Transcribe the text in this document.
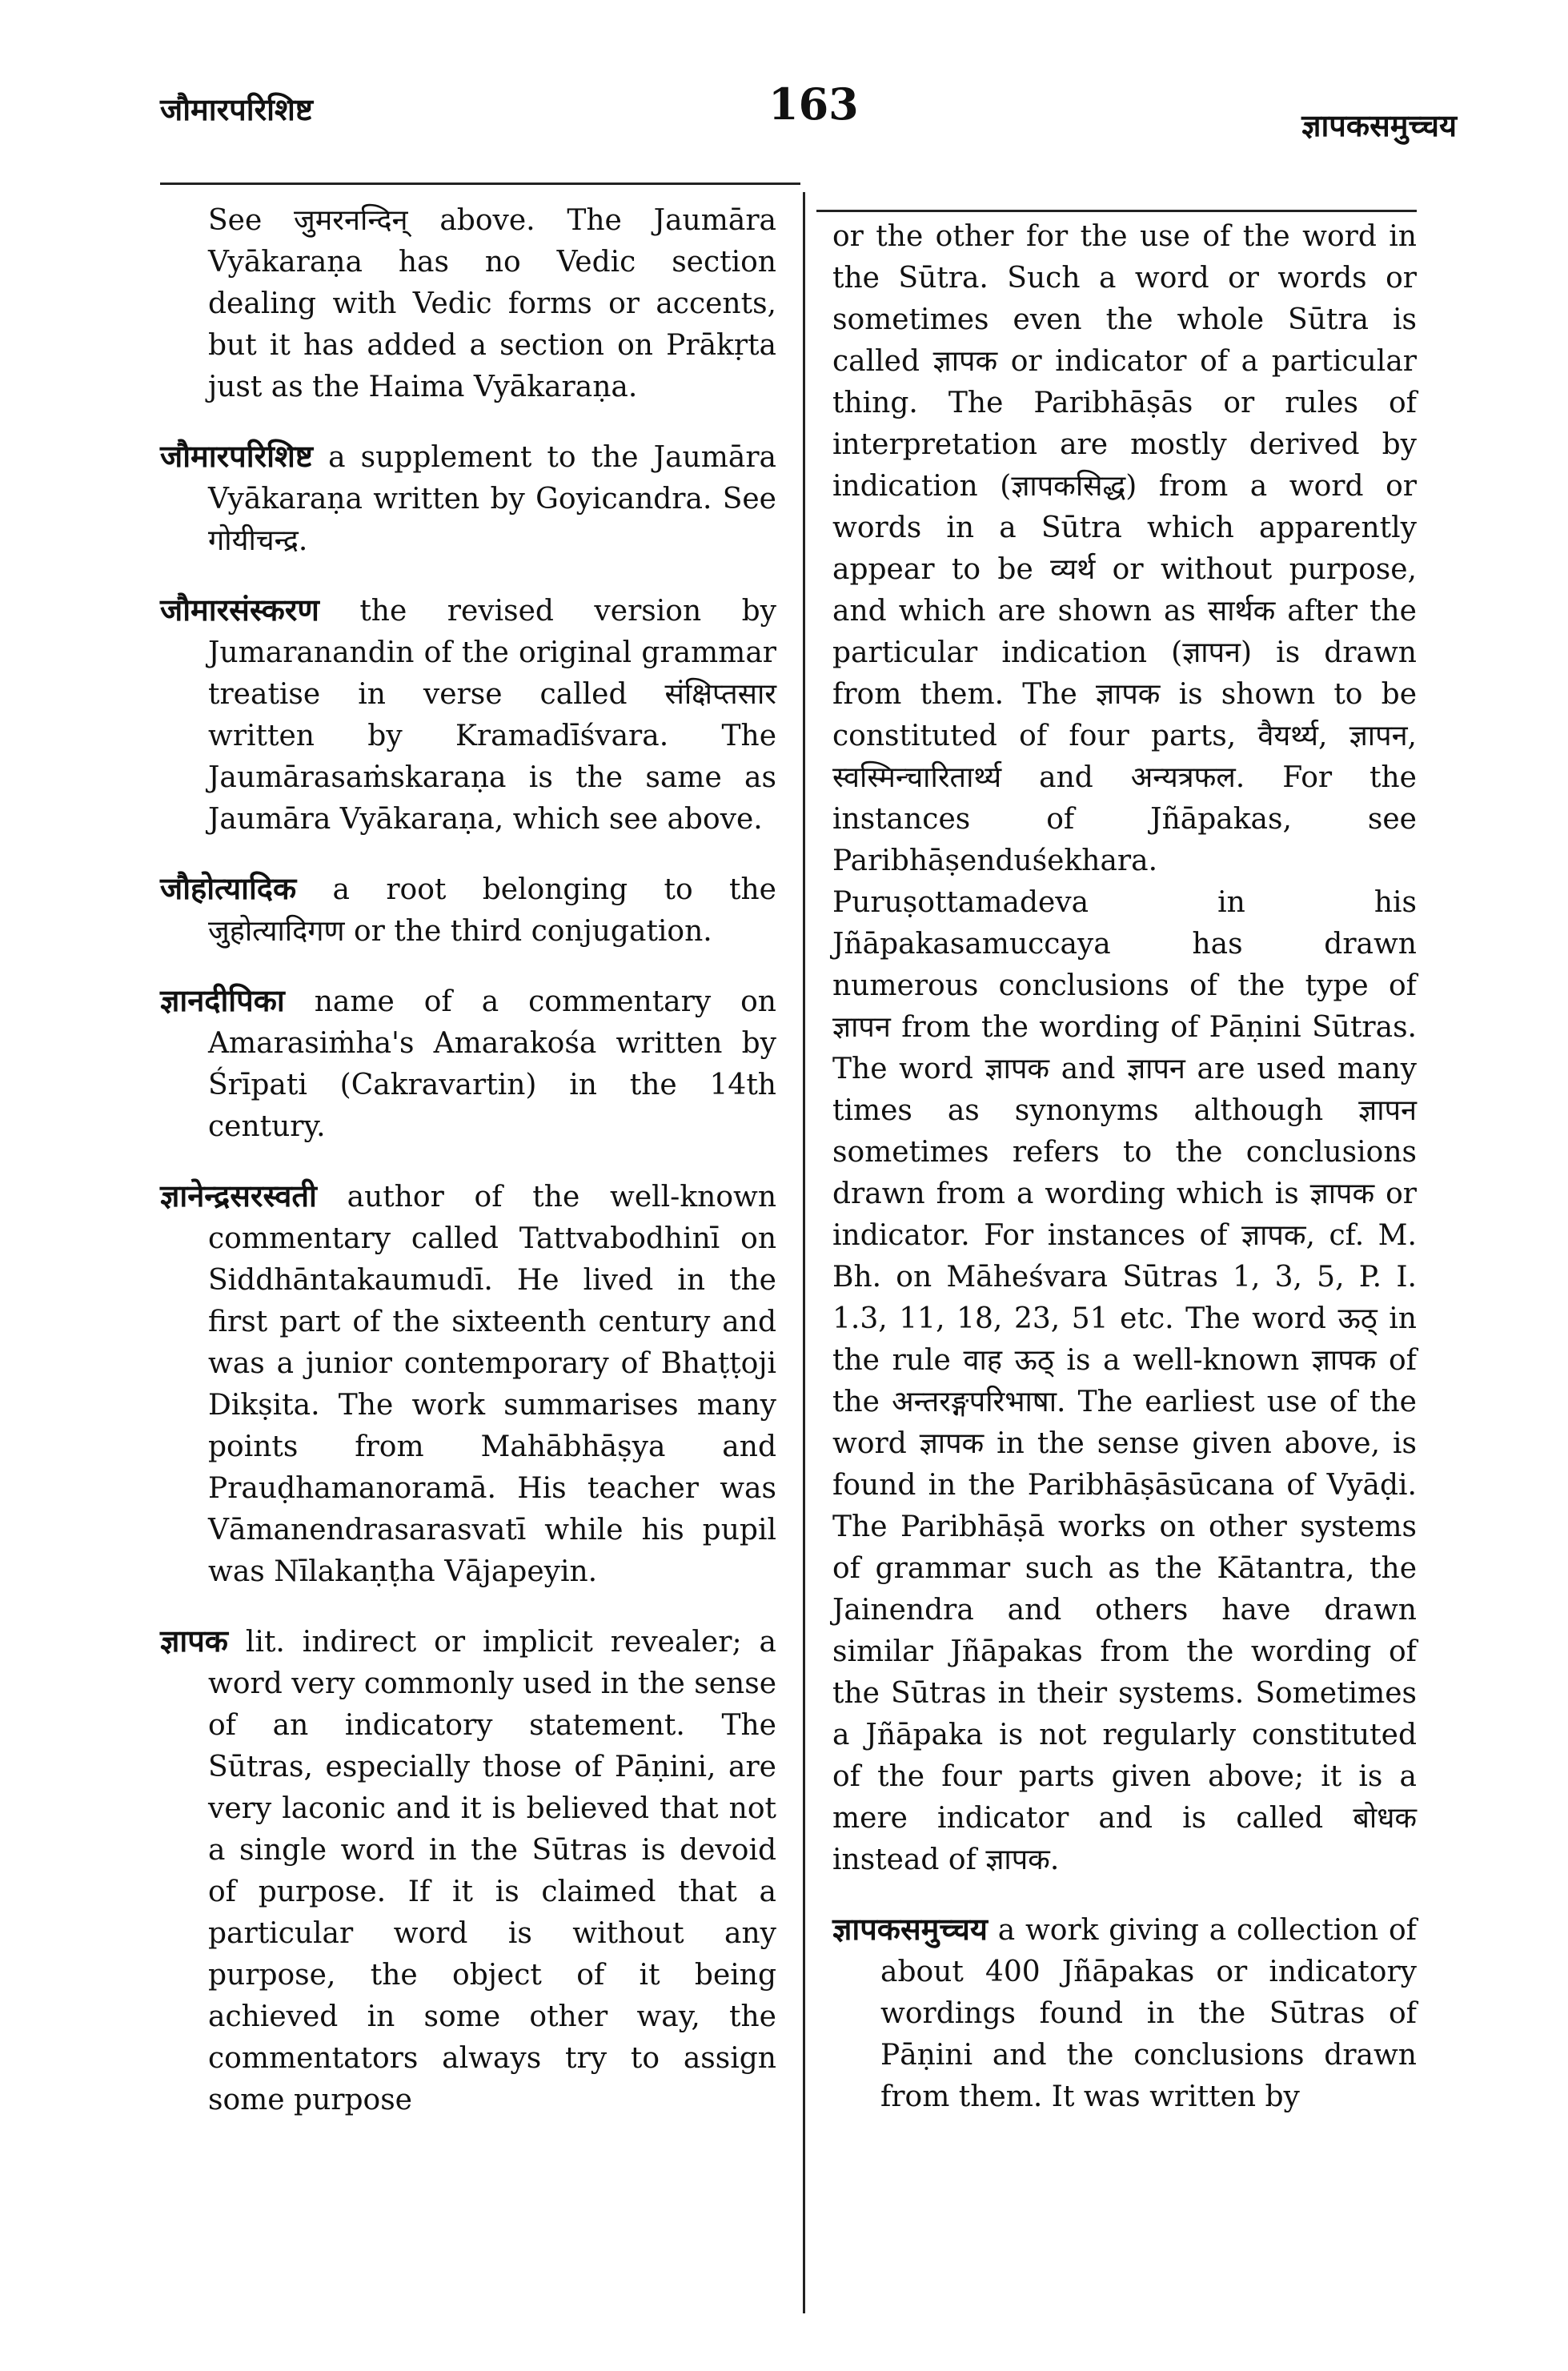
जौमारपरिशिष्ट	163	ज्ञापकसमुच्चय

See जुमरनन्दिन् above. The Jaumāra Vyākaraṇa has no Vedic section dealing with Vedic forms or accents, but it has added a section on Prākṛta just as the Haima Vyākaraṇa.

जौमारपरिशिष्ट a supplement to the Jaumāra Vyākaraṇa written by Goyicandra. See गोयीचन्द्र.

जौमारसंस्करण the revised version by Jumaranandin of the original grammar treatise in verse called संक्षिप्तसार written by Kramadīśvara. The Jaumārasaṁskaraṇa is the same as Jaumāra Vyākaraṇa, which see above.

जौहोत्यादिक a root belonging to the जुहोत्यादिगण or the third conjugation.

ज्ञानदीपिका name of a commentary on Amarasiṁha's Amarakośa written by Śrīpati (Cakravartin) in the 14th century.

ज्ञानेन्द्रसरस्वती author of the well-known commentary called Tattvabodhinī on Siddhāntakaumudī. He lived in the first part of the sixteenth century and was a junior contemporary of Bhaṭṭoji Dikṣita. The work summarises many points from Mahābhāṣya and Prauḍhamanoramā. His teacher was Vāmanendrasarasvatī while his pupil was Nīlakaṇṭha Vājapeyin.

ज्ञापक lit. indirect or implicit revealer; a word very commonly used in the sense of an indicatory statement. The Sūtras, especially those of Pāṇini, are very laconic and it is believed that not a single word in the Sūtras is devoid of purpose. If it is claimed that a particular word is without any purpose, the object of it being achieved in some other way, the commentators always try to assign some purpose

or the other for the use of the word in the Sūtra. Such a word or words or sometimes even the whole Sūtra is called ज्ञापक or indicator of a particular thing. The Paribhāṣās or rules of interpretation are mostly derived by indication (ज्ञापकसिद्ध) from a word or words in a Sūtra which apparently appear to be व्यर्थ or without purpose, and which are shown as सार्थक after the particular indication (ज्ञापन) is drawn from them. The ज्ञापक is shown to be constituted of four parts, वैयर्थ्य, ज्ञापन, स्वस्मिन्चारितार्थ्य and अन्यत्रफल. For the instances of Jñāpakas, see Paribhāṣenduśekhara. Puruṣottamadeva in his Jñāpakasamuccaya has drawn numerous conclusions of the type of ज्ञापन from the wording of Pāṇini Sūtras. The word ज्ञापक and ज्ञापन are used many times as synonyms although ज्ञापन sometimes refers to the conclusions drawn from a wording which is ज्ञापक or indicator. For instances of ज्ञापक, cf. M. Bh. on Māheśvara Sūtras 1, 3, 5, P. I. 1.3, 11, 18, 23, 51 etc. The word ऊठ् in the rule वाह ऊठ् is a well-known ज्ञापक of the अन्तरङ्गपरिभाषा. The earliest use of the word ज्ञापक in the sense given above, is found in the Paribhāṣāsūcana of Vyāḍi. The Paribhāṣā works on other systems of grammar such as the Kātantra, the Jainendra and others have drawn similar Jñāpakas from the wording of the Sūtras in their systems. Sometimes a Jñāpaka is not regularly constituted of the four parts given above; it is a mere indicator and is called बोधक instead of ज्ञापक.

ज्ञापकसमुच्चय a work giving a collection of about 400 Jñāpakas or indicatory wordings found in the Sūtras of Pāṇini and the conclusions drawn from them. It was written by
